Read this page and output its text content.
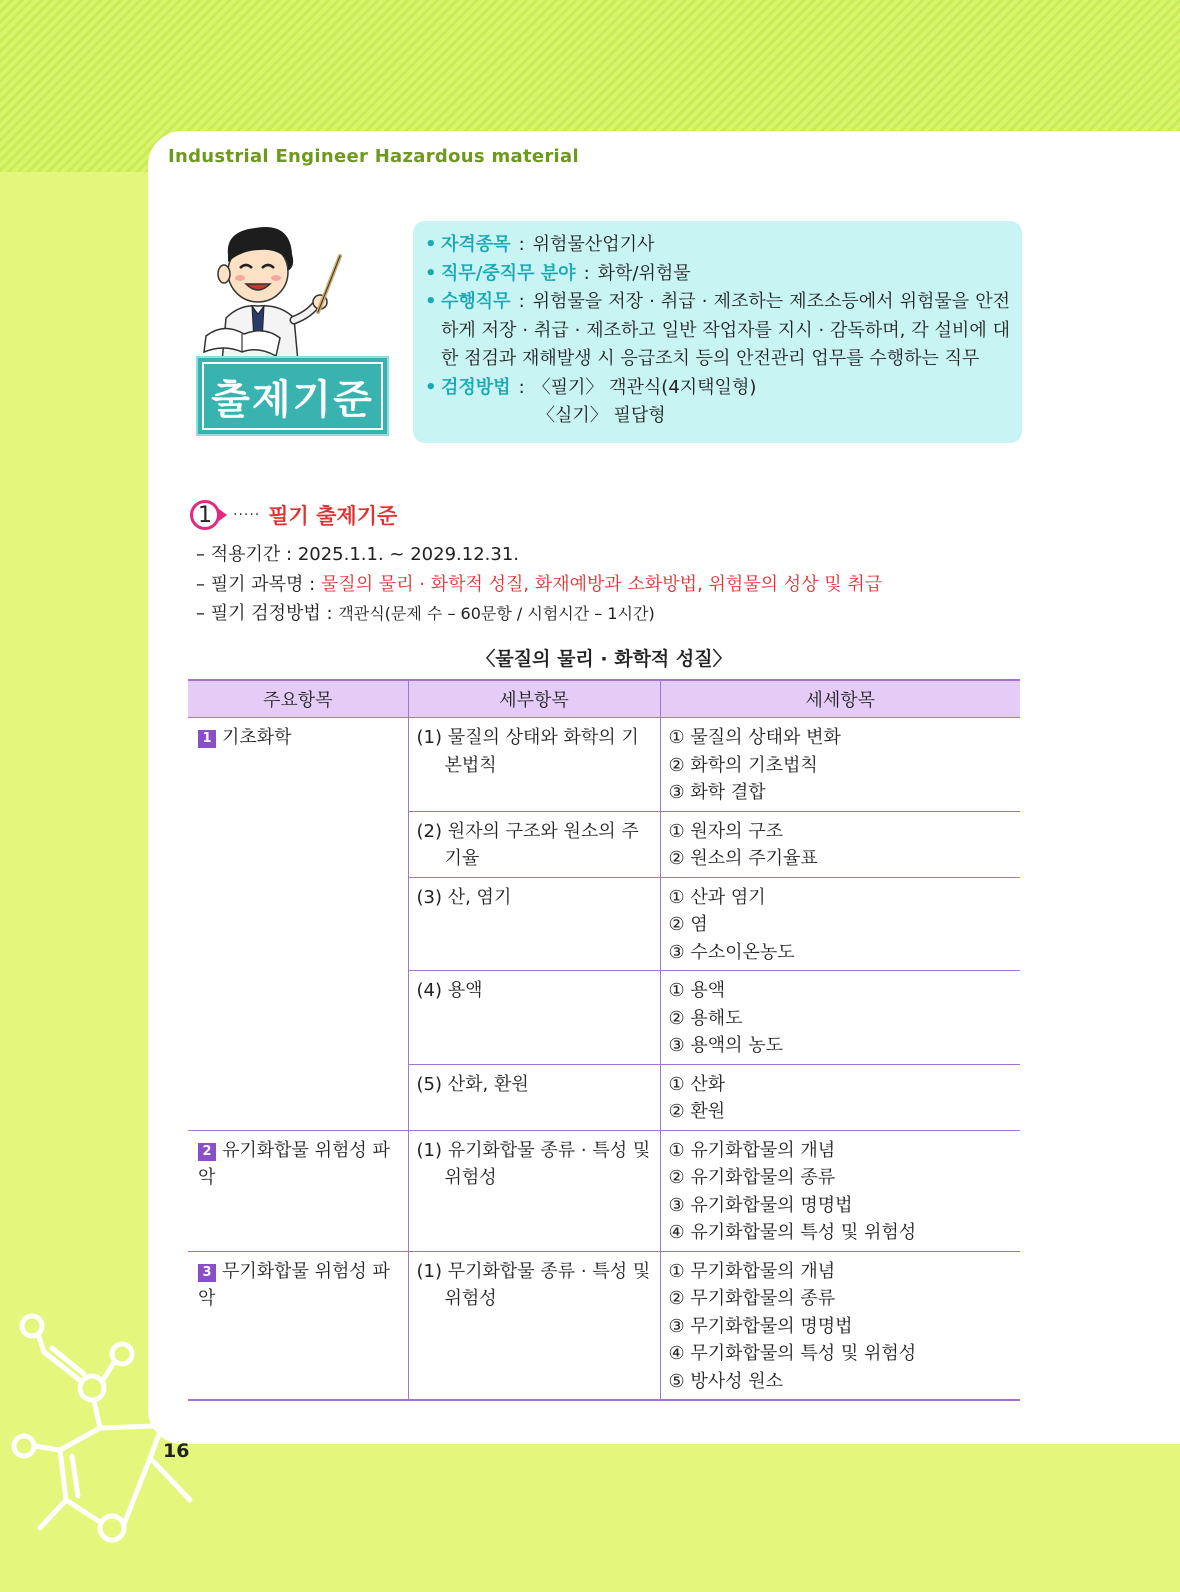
Industrial Engineer Hazardous material
출제기준
• 자격종목 : 위험물산업기사
• 직무/중직무 분야 : 화학/위험물
• 수행직무 : 위험물을 저장 · 취급 · 제조하는 제조소등에서 위험물을 안전하게 저장 · 취급 · 제조하고 일반 작업자를 지시 · 감독하며, 각 설비에 대한 점검과 재해발생 시 응급조치 등의 안전관리 업무를 수행하는 직무
• 검정방법 : 〈필기〉 객관식(4지택일형)
〈실기〉 필답형
1	····· 필기 출제기준
– 적용기간 : 2025.1.1. ~ 2029.12.31.
– 필기 과목명 : 물질의 물리 · 화학적 성질, 화재예방과 소화방법, 위험물의 성상 및 취급
– 필기 검정방법 : 객관식(문제 수 – 60문항 / 시험시간 – 1시간)
〈물질의 물리 · 화학적 성질〉
주요항목	세부항목	세세항목
1 기초화학	(1) 물질의 상태와 화학의 기본법칙	① 물질의 상태와 변화
② 화학의 기초법칙
③ 화학 결합

	(2) 원자의 구조와 원소의 주기율	① 원자의 구조
② 원소의 주기율표

	(3) 산, 염기	① 산과 염기
② 염
③ 수소이온농도

	(4) 용액	① 용액
② 용해도
③ 용액의 농도

	(5) 산화, 환원	① 산화
② 환원

2 유기화합물 위험성 파악	(1) 유기화합물 종류 · 특성 및 위험성	① 유기화합물의 개념
② 유기화합물의 종류
③ 유기화합물의 명명법
④ 유기화합물의 특성 및 위험성

3 무기화합물 위험성 파악	(1) 무기화합물 종류 · 특성 및 위험성	① 무기화합물의 개념
② 무기화합물의 종류
③ 무기화합물의 명명법
④ 무기화합물의 특성 및 위험성
⑤ 방사성 원소
16
